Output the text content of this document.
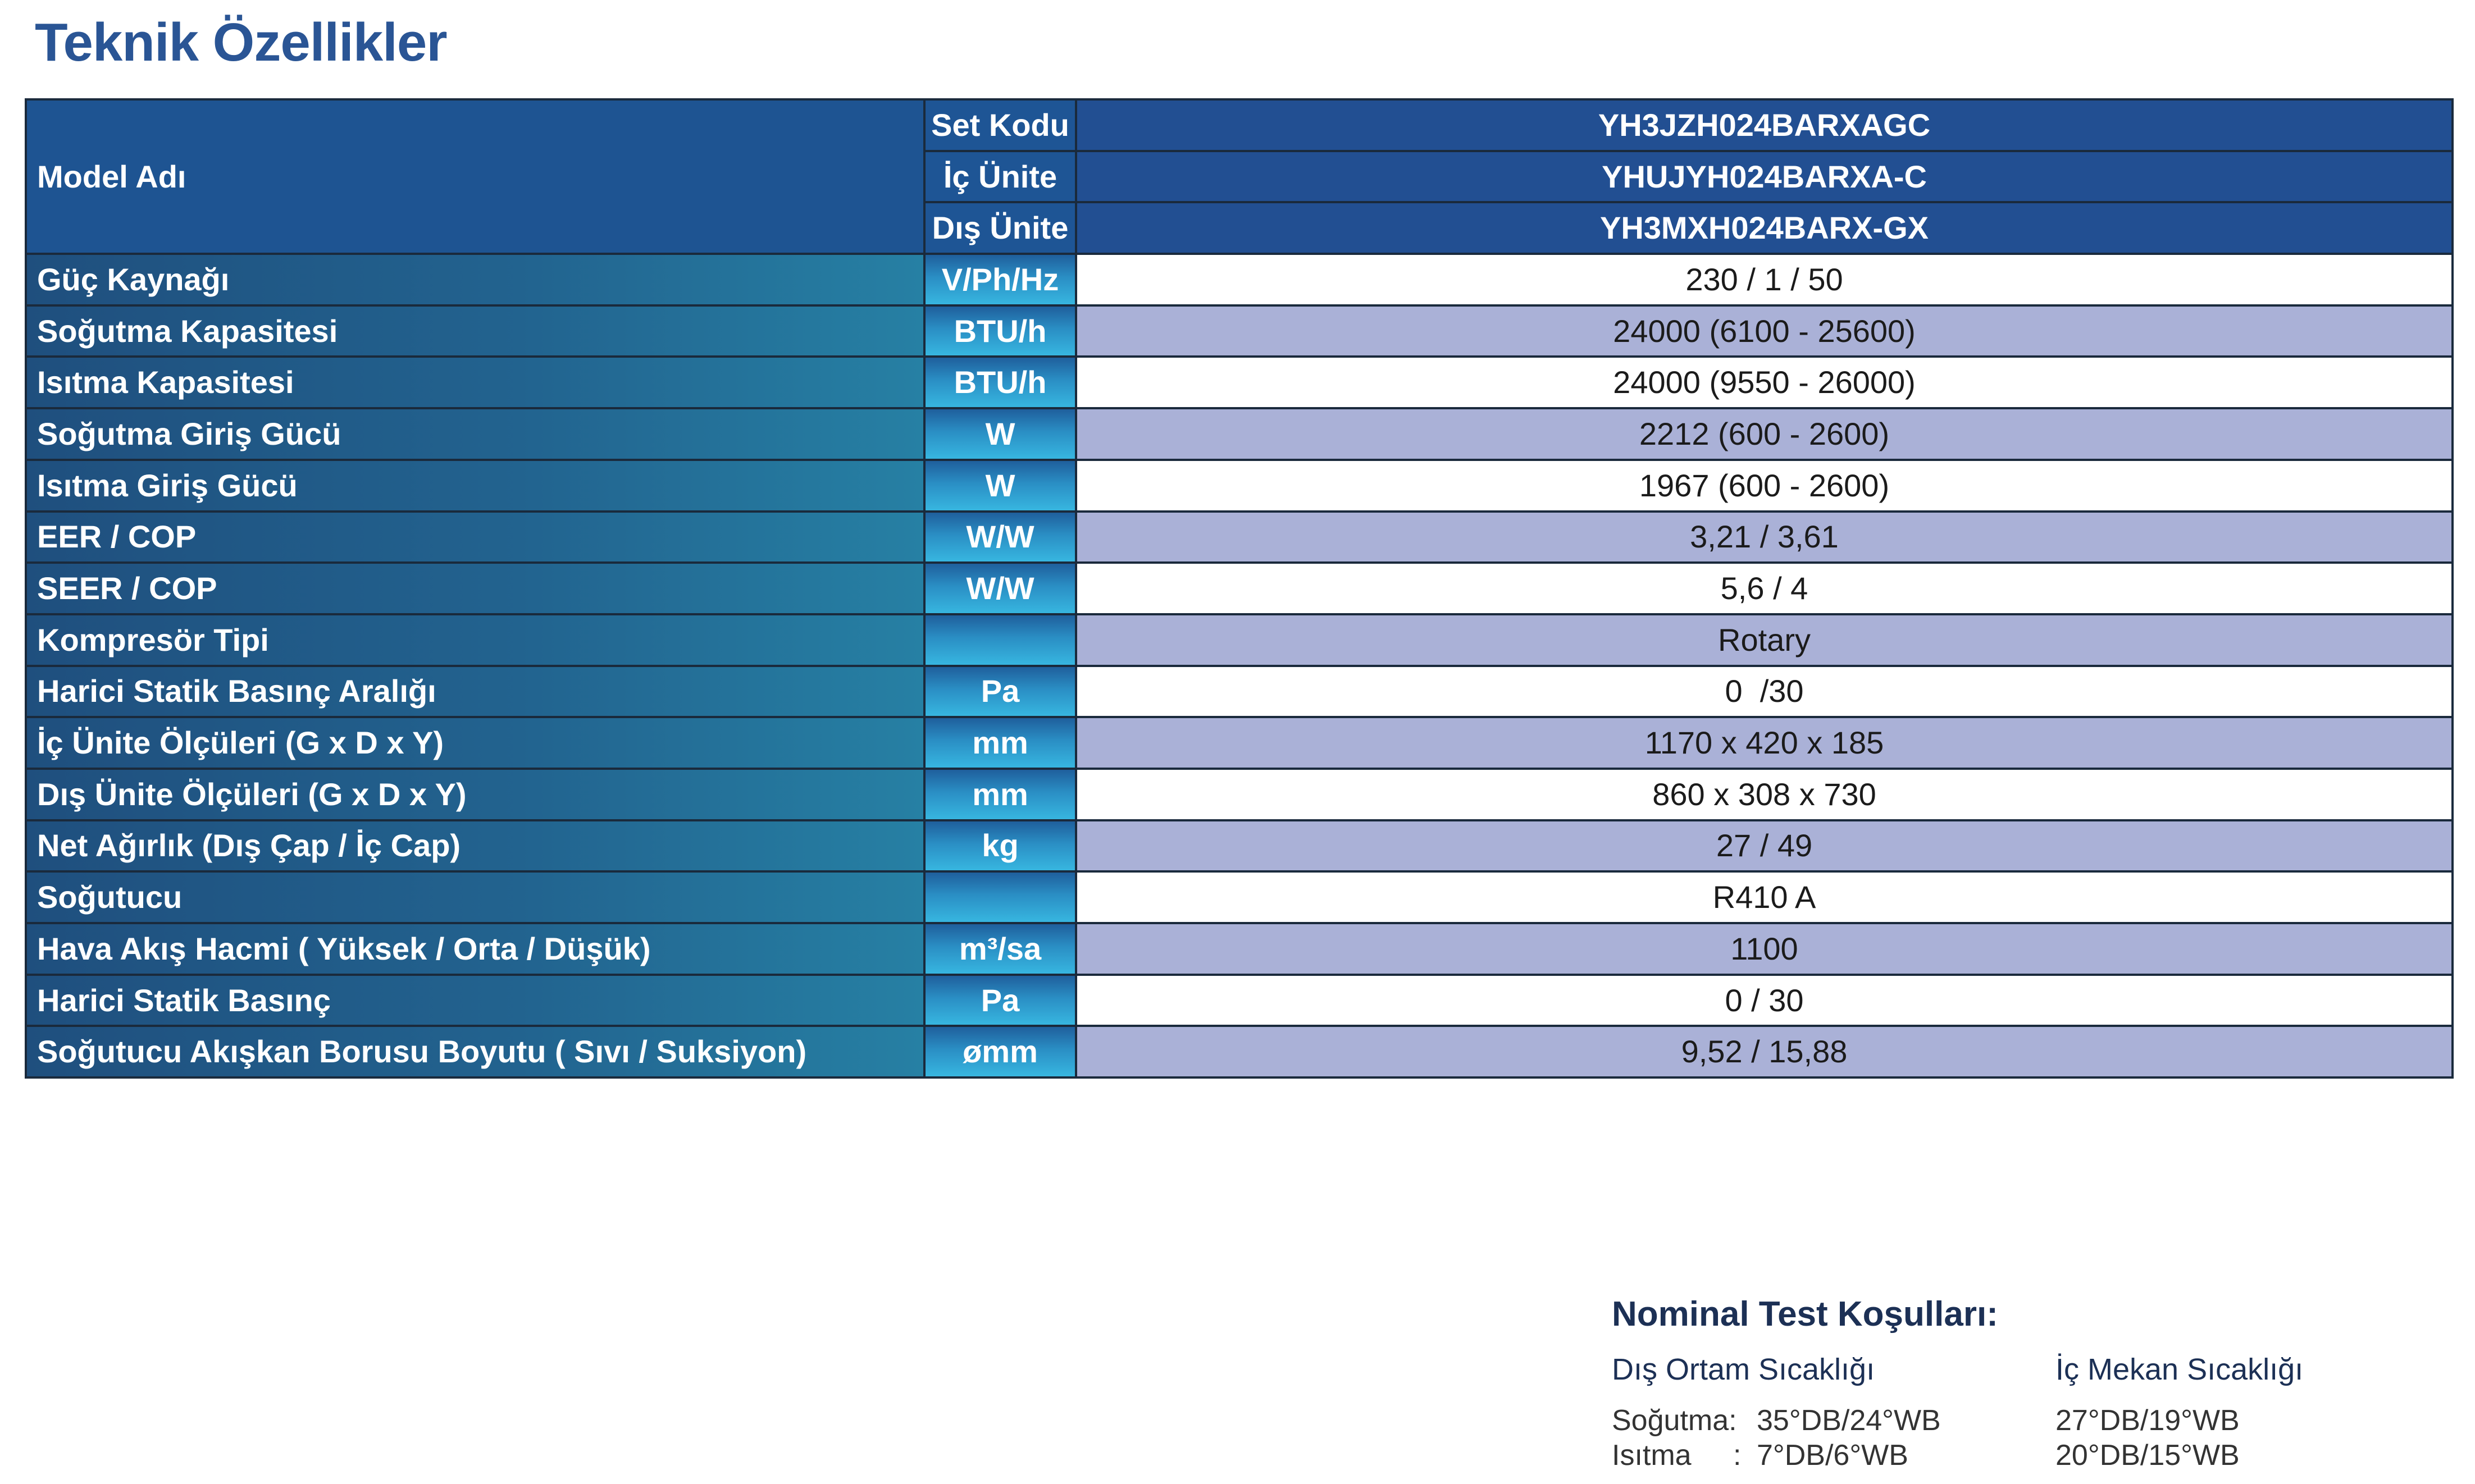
Teknik Özellikler
Model Adı	Set Kodu	YH3JZH024BARXAGC
	İç Ünite	YHUJYH024BARXA-C
	Dış Ünite	YH3MXH024BARX-GX
Güç Kaynağı	V/Ph/Hz	230 / 1 / 50
Soğutma Kapasitesi	BTU/h	24000 (6100 - 25600)
Isıtma Kapasitesi	BTU/h	24000 (9550 - 26000)
Soğutma Giriş Gücü	W	2212 (600 - 2600)
Isıtma Giriş Gücü	W	1967 (600 - 2600)
EER / COP	W/W	3,21 / 3,61
SEER / COP	W/W	5,6 / 4
Kompresör Tipi		Rotary
Harici Statik Basınç Aralığı	Pa	0  /30
İç Ünite Ölçüleri (G x D x Y)	mm	1170 x 420 x 185
Dış Ünite Ölçüleri (G x D x Y)	mm	860 x 308 x 730
Net Ağırlık (Dış Çap / İç Cap)	kg	27 / 49
Soğutucu		R410 A
Hava Akış Hacmi ( Yüksek / Orta / Düşük)	m³/sa	1100
Harici Statik Basınç	Pa	0 / 30
Soğutucu Akışkan Borusu Boyutu ( Sıvı / Suksiyon)	ømm	9,52 / 15,88
Nominal Test Koşulları:
Dış Ortam Sıcaklığı	İç Mekan Sıcaklığı
Soğutma: 35°DB/24°WB	27°DB/19°WB
Isıtma : 7°DB/6°WB	20°DB/15°WB
